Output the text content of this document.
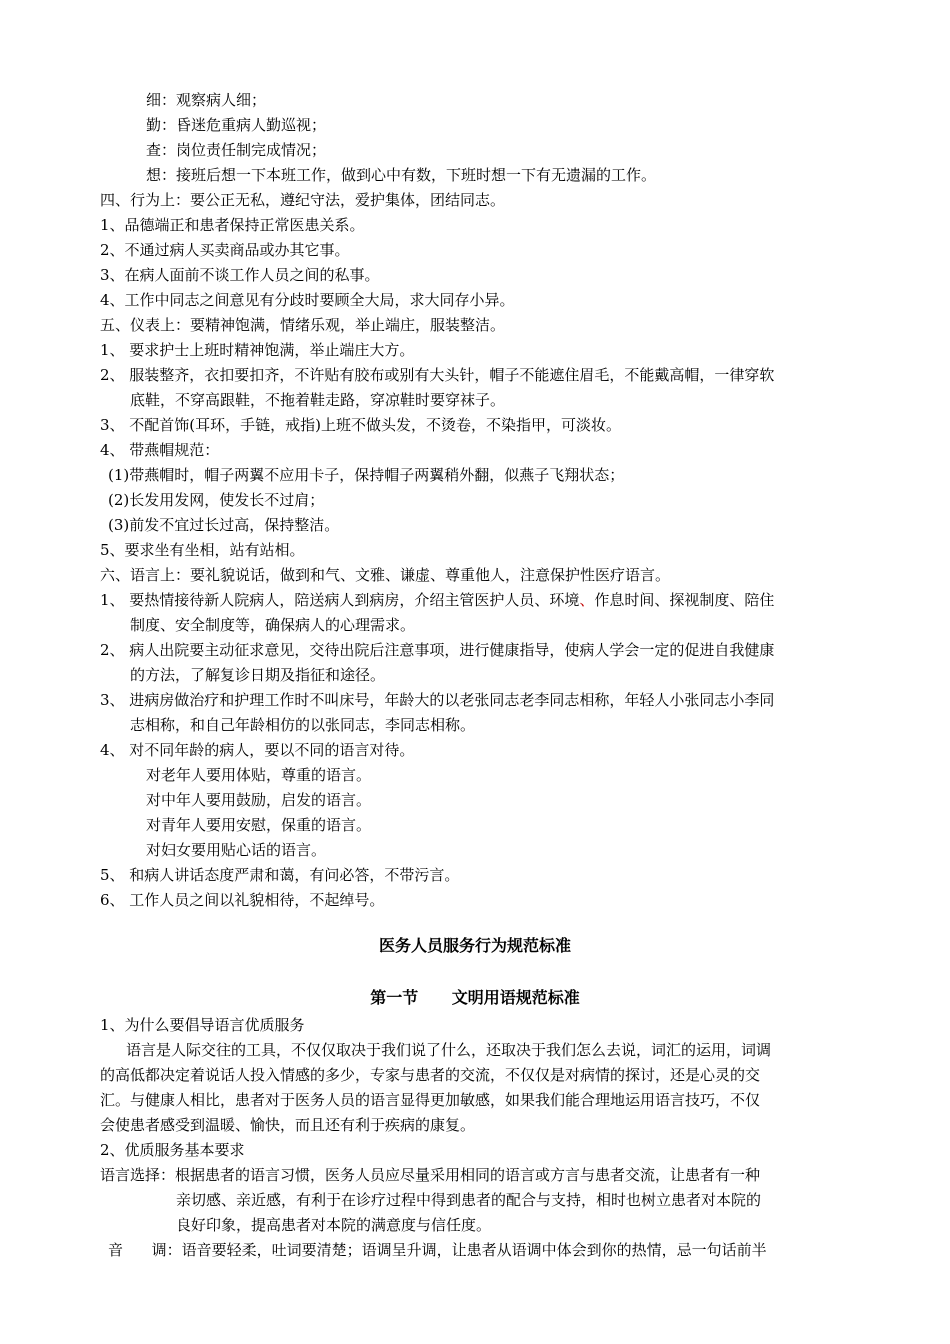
细：观察病人细；
勤：昏迷危重病人勤巡视；
查：岗位责任制完成情况；
想：接班后想一下本班工作，做到心中有数，下班时想一下有无遗漏的工作。
四、行为上：要公正无私，遵纪守法，爱护集体，团结同志。
1、品德端正和患者保持正常医患关系。
2、不通过病人买卖商品或办其它事。
3、在病人面前不谈工作人员之间的私事。
4、工作中同志之间意见有分歧时要顾全大局，求大同存小异。
五、仪表上：要精神饱满，情绪乐观，举止端庄，服装整洁。
1、 要求护士上班时精神饱满，举止端庄大方。
2、 服装整齐，衣扣要扣齐，不许贴有胶布或别有大头针，帽子不能遮住眉毛，不能戴高帽，一律穿软
底鞋，不穿高跟鞋，不拖着鞋走路，穿凉鞋时要穿袜子。
3、 不配首饰(耳环，手链，戒指)上班不做头发，不烫卷，不染指甲，可淡妆。
4、 带燕帽规范：
(1)带燕帽时，帽子两翼不应用卡子，保持帽子两翼稍外翻，似燕子飞翔状态；
(2)长发用发网，使发长不过肩；
(3)前发不宜过长过高，保持整洁。
5、要求坐有坐相，站有站相。
六、语言上：要礼貌说话，做到和气、文雅、谦虚、尊重他人，注意保护性医疗语言。
1、 要热情接待新人院病人，陪送病人到病房，介绍主管医护人员、环境、作息时间、探视制度、陪住
制度、安全制度等，确保病人的心理需求。
2、 病人出院要主动征求意见，交待出院后注意事项，进行健康指导，使病人学会一定的促进自我健康
的方法，了解复诊日期及指征和途径。
3、 进病房做治疗和护理工作时不叫床号，年龄大的以老张同志老李同志相称，年轻人小张同志小李同
志相称，和自己年龄相仿的以张同志，李同志相称。
4、 对不同年龄的病人，要以不同的语言对待。
对老年人要用体贴，尊重的语言。
对中年人要用鼓励，启发的语言。
对青年人要用安慰，保重的语言。
对妇女要用贴心话的语言。
5、 和病人讲话态度严肃和蔼，有问必答，不带污言。
6、 工作人员之间以礼貌相待，不起绰号。
医务人员服务行为规范标准
第一节      文明用语规范标准
1、为什么要倡导语言优质服务
语言是人际交往的工具，不仅仅取决于我们说了什么，还取决于我们怎么去说，词汇的运用，词调
的高低都决定着说话人投入情感的多少，专家与患者的交流，不仅仅是对病情的探讨，还是心灵的交
汇。与健康人相比，患者对于医务人员的语言显得更加敏感，如果我们能合理地运用语言技巧，不仅
会使患者感受到温暖、愉快，而且还有利于疾病的康复。
2、优质服务基本要求
语言选择：根据患者的语言习惯，医务人员应尽量采用相同的语言或方言与患者交流，让患者有一种
亲切感、亲近感，有利于在诊疗过程中得到患者的配合与支持，相时也树立患者对本院的
良好印象，提高患者对本院的满意度与信任度。
音      调：语音要轻柔，吐词要清楚；语调呈升调，让患者从语调中体会到你的热情，忌一句话前半
